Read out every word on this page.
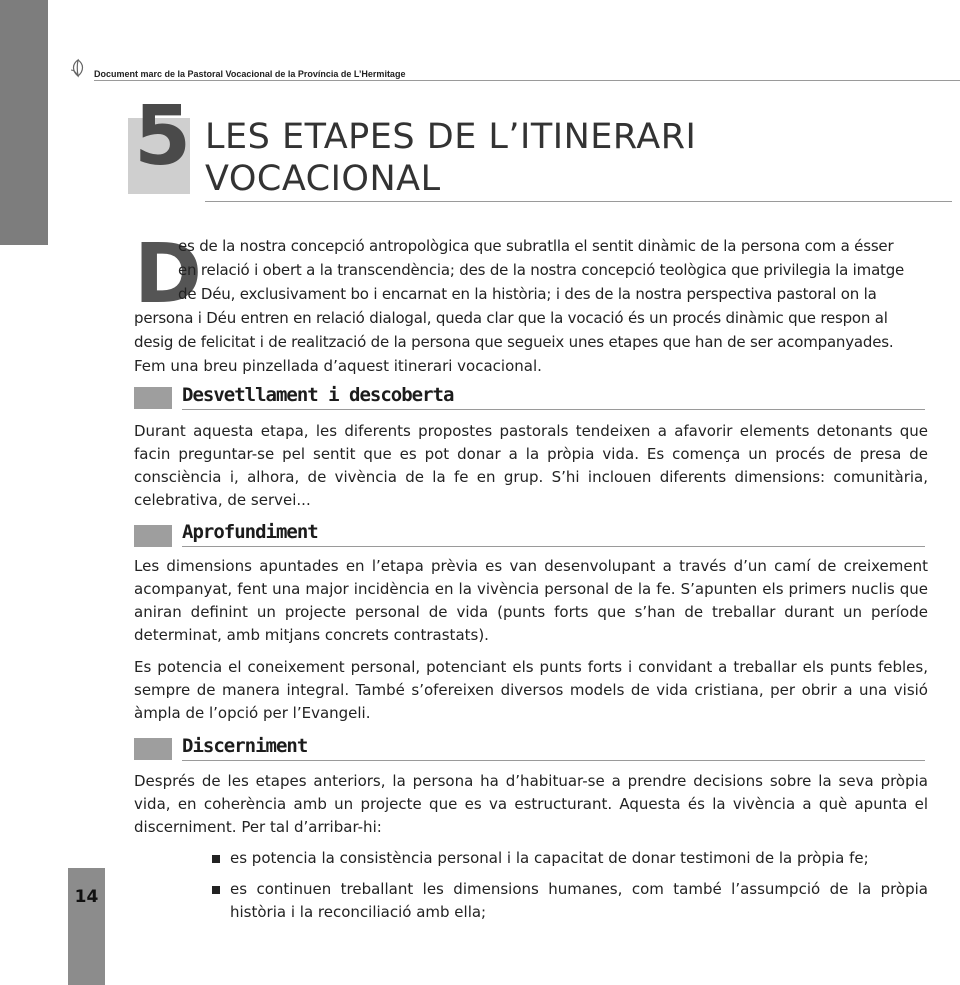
14
Document marc de la Pastoral Vocacional de la Província de L’Hermitage
5 LES ETAPES DE L’ITINERARI
VOCACIONAL
D
es de la nostra concepció antropològica que subratlla el sentit dinàmic de la persona com a ésser
en relació i obert a la transcendència; des de la nostra concepció teològica que privilegia la imatge
de Déu, exclusivament bo i encarnat en la història; i des de la nostra perspectiva pastoral on la
persona i Déu entren en relació dialogal, queda clar que la vocació és un procés dinàmic que respon al
desig de felicitat i de realització de la persona que segueix unes etapes que han de ser acompanyades.
Fem una breu pinzellada d’aquest itinerari vocacional.
Desvetllament i descoberta
Durant aquesta etapa, les diferents propostes pastorals tendeixen a afavorir elements detonants que facin preguntar-se pel sentit que es pot donar a la pròpia vida. Es comença un procés de presa de consciència i, alhora, de vivència de la fe en grup. S’hi inclouen diferents dimensions: comunitària, celebrativa, de servei...
Aprofundiment
Les dimensions apuntades en l’etapa prèvia es van desenvolupant a través d’un camí de creixement acompanyat, fent una major incidència en la vivència personal de la fe. S’apunten els primers nuclis que aniran definint un projecte personal de vida (punts forts que s’han de treballar durant un període determinat, amb mitjans concrets contrastats).
Es potencia el coneixement personal, potenciant els punts forts i convidant a treballar els punts febles, sempre de manera integral. També s’ofereixen diversos models de vida cristiana, per obrir a una visió àmpla de l’opció per l’Evangeli.
Discerniment
Després de les etapes anteriors, la persona ha d’habituar-se a prendre decisions sobre la seva pròpia vida, en coherència amb un projecte que es va estructurant. Aquesta és la vivència a què apunta el discerniment. Per tal d’arribar-hi:
es potencia la consistència personal i la capacitat de donar testimoni de la pròpia fe;
es continuen treballant les dimensions humanes, com també l’assumpció de la pròpia història i la reconciliació amb ella;
